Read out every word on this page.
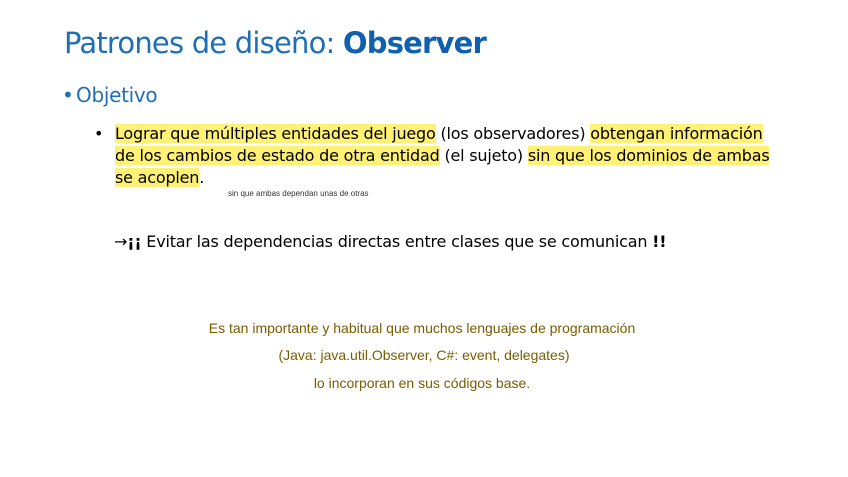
Patrones de diseño: Observer
• Objetivo
• Lograr que múltiples entidades del juego (los observadores) obtengan información de los cambios de estado de otra entidad (el sujeto) sin que los dominios de ambas se acoplen.
sin que ambas dependan unas de otras
→¡¡ Evitar las dependencias directas entre clases que se comunican !!
Es tan importante y habitual que muchos lenguajes de programación
(Java: java.util.Observer, C#: event, delegates)
lo incorporan en sus códigos base.
